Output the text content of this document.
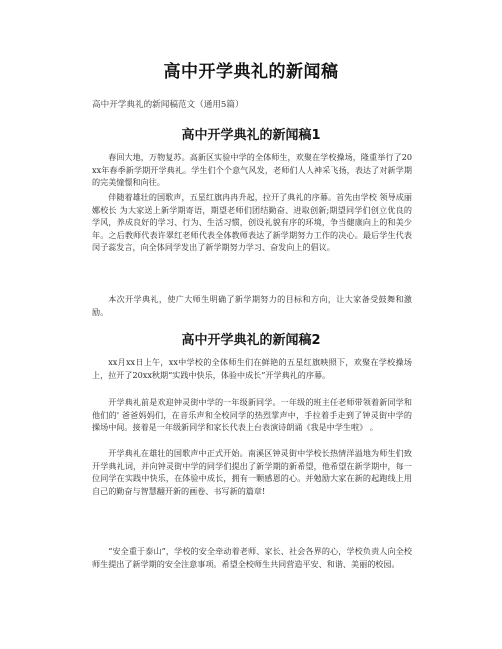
高中开学典礼的新闻稿
高中开学典礼的新闻稿范文（通用5篇）
高中开学典礼的新闻稿1
春回大地，万物复苏。高新区实验中学的全体师生，欢聚在学校操场，隆重举行了20xx年春季新学期开学典礼。学生们个个意气风发，老师们人人神采飞扬，表达了对新学期的完美憧憬和向往。
伴随着雄壮的国歌声，五星红旗冉冉升起，拉开了典礼的序幕。首先由学校 领导成丽娜校长 为大家送上新学期寄语，期望老师们团结勤奋、进取创新;期望同学们创立优良的学风，养成良好的学习、行为、生活习惯，创设礼貌有序的环境，争当健康向上的和美少年。之后教师代表许翠红老师代表全体教师表达了新学期努力工作的决心。最后学生代表闵子蕊发言，向全体同学发出了新学期努力学习、奋发向上的倡议。
本次开学典礼，使广大师生明确了新学期努力的目标和方向，让大家备受鼓舞和激励。
高中开学典礼的新闻稿2
xx月xx日上午，xx中学校的全体师生们在鲜艳的五星红旗映照下，欢聚在学校操场上，拉开了20xx秋期“实践中快乐，体验中成长”开学典礼的序幕。
开学典礼前是欢迎钟灵街中学的一年级新同学。一年级的班主任老师带领着新同学和他们的' 爸爸妈妈们，在音乐声和全校同学的热烈掌声中，手拉着手走到了钟灵街中学的操场中间。接着是一年级新同学和家长代表上台表演诗朗诵《我是中学生啦》 。
开学典礼在雄壮的国歌声中正式开始。南溪区钟灵街中学校长热情洋溢地为师生们致开学典礼词，并向钟灵街中学的同学们提出了新学期的新希望，他希望在新学期中，每一位同学在实践中快乐，在体验中成长，拥有一颗感恩的心。并勉励大家在新的起跑线上用自己的勤奋与智慧翻开新的画卷、书写新的篇章!
“安全重于泰山”，学校的安全牵动着老师、家长、社会各界的心，学校负责人向全校师生提出了新学期的安全注意事项。希望全校师生共同营造平安、和谐、美丽的校园。
